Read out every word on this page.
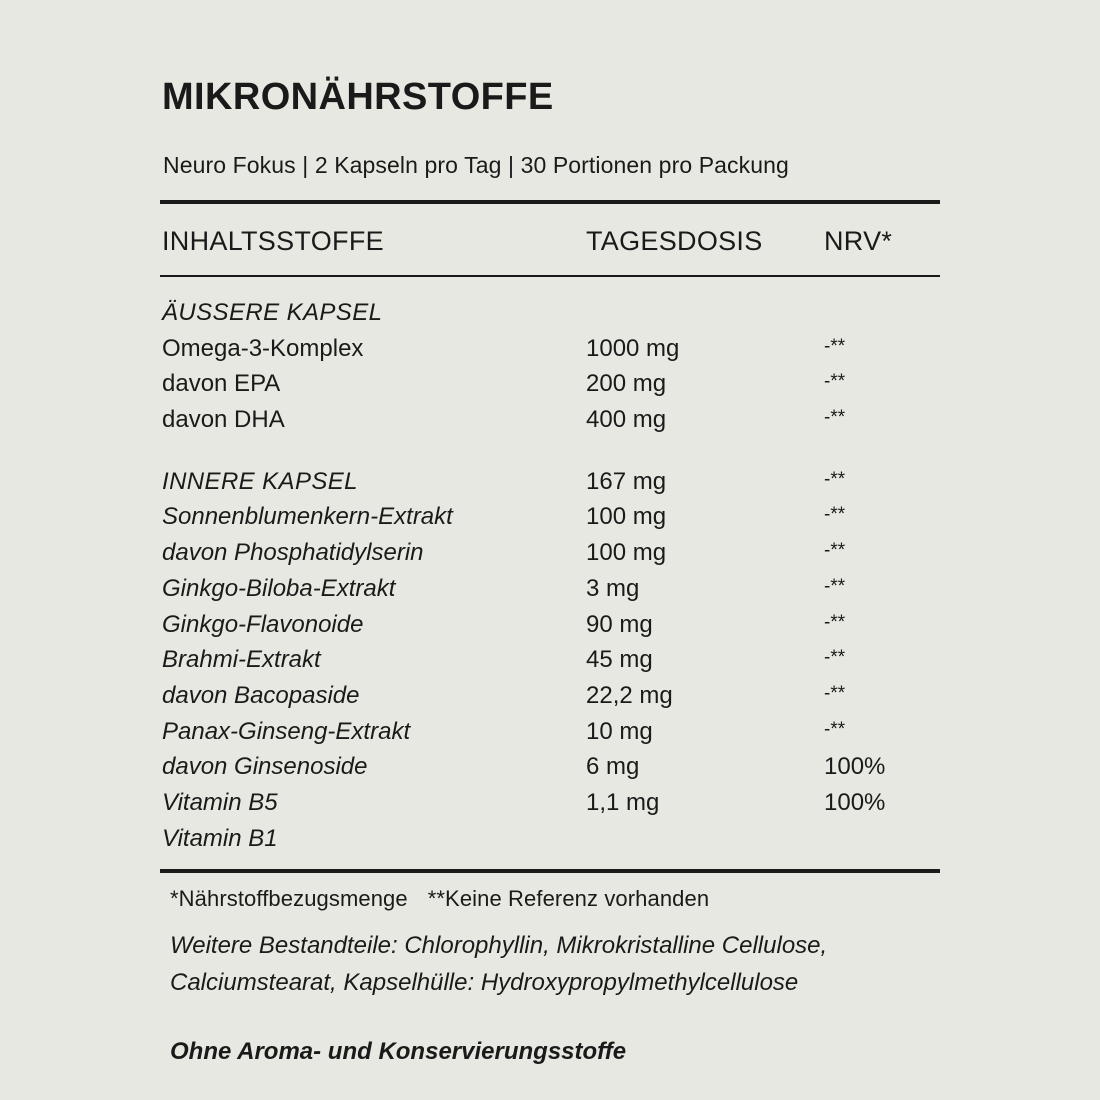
MIKRONÄHRSTOFFE
Neuro Fokus | 2 Kapseln pro Tag | 30 Portionen pro Packung
INHALTSSTOFFE	TAGESDOSIS NRV*
ÄUSSERE KAPSEL
Omega-3-Komplex	1000 mg	-**
davon EPA	200 mg	-**
davon DHA	400 mg	-**
INNERE KAPSEL	167 mg	-**
Sonnenblumenkern-Extrakt	100 mg	-**
davon Phosphatidylserin	100 mg	-**
Ginkgo-Biloba-Extrakt	3 mg	-**
Ginkgo-Flavonoide	90 mg	-**
Brahmi-Extrakt	45 mg	-**
davon Bacopaside	22,2 mg	-**
Panax-Ginseng-Extrakt	10 mg	-**
davon Ginsenoside	6 mg	100%
Vitamin B5	1,1 mg	100%
Vitamin B1
*Nährstoffbezugsmenge **Keine Referenz vorhanden
Weitere Bestandteile: Chlorophyllin, Mikrokristalline Cellulose, Calciumstearat, Kapselhülle: Hydroxypropylmethylcellulose
Ohne Aroma- und Konservierungsstoffe
